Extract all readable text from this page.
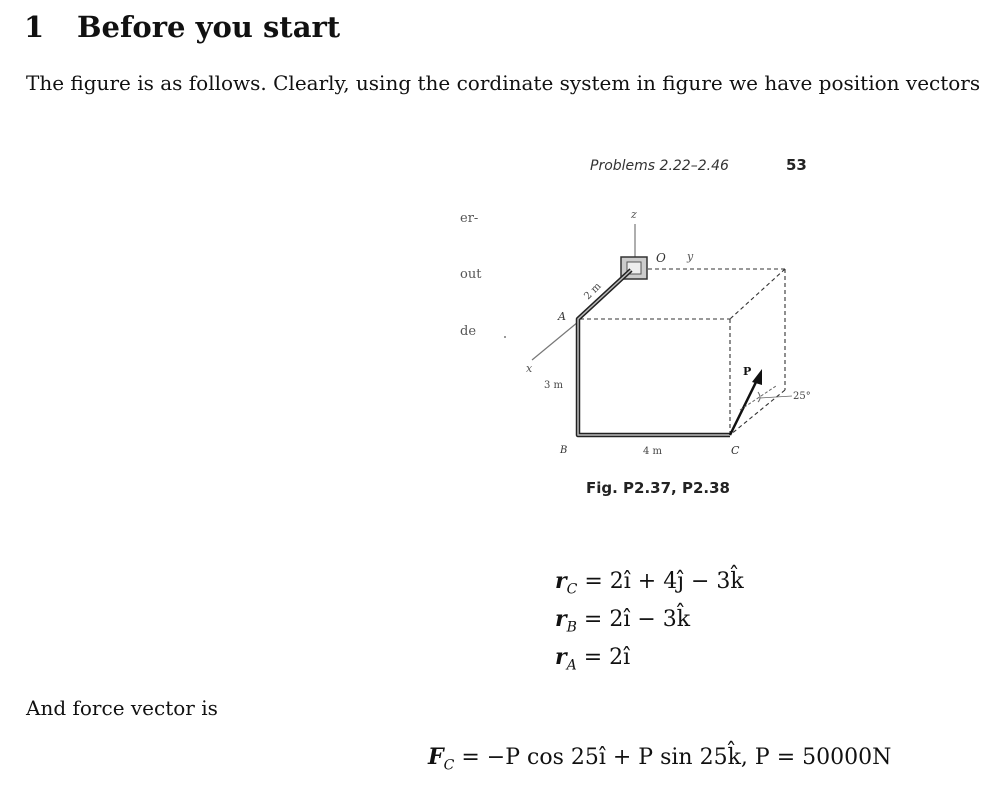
1 Before you start
The figure is as follows. Clearly, using the cordinate system in figure we have position vectors
Problems 2.22–2.46	53
er-
out
de
z
x
O y
2 m
A
3 m
B	4 m	C
P
25°
Fig. P2.37, P2.38
$r_C$ = 2î + 4ĵ − 3k̂
$r_B$ = 2î − 3k̂
$r_A$ = 2î
And force vector is
$F_C = -P$ cos 25î + P sin 25k̂, P = 50000N
